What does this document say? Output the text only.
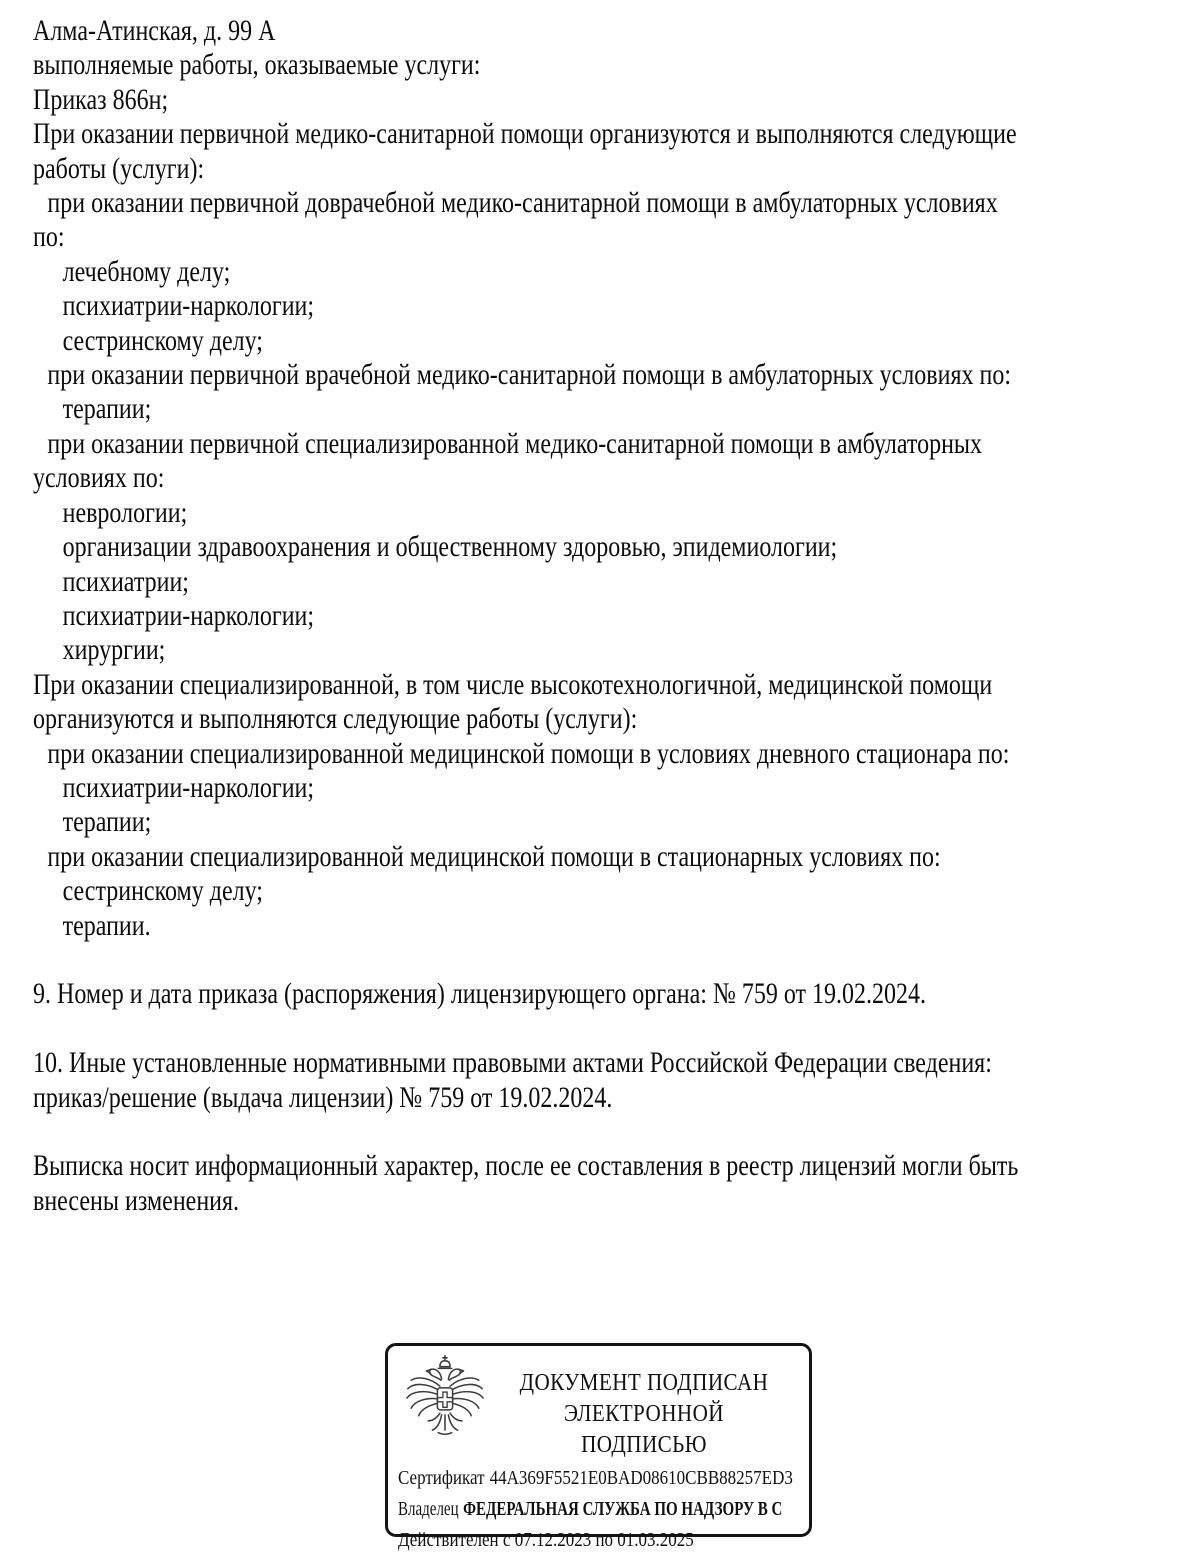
Алма-Атинская, д. 99 А
выполняемые работы, оказываемые услуги:
Приказ 866н;
При оказании первичной медико-санитарной помощи организуются и выполняются следующие
работы (услуги):
при оказании первичной доврачебной медико-санитарной помощи в амбулаторных условиях
по:
лечебному делу;
психиатрии-наркологии;
сестринскому делу;
при оказании первичной врачебной медико-санитарной помощи в амбулаторных условиях по:
терапии;
при оказании первичной специализированной медико-санитарной помощи в амбулаторных
условиях по:
неврологии;
организации здравоохранения и общественному здоровью, эпидемиологии;
психиатрии;
психиатрии-наркологии;
хирургии;
При оказании специализированной, в том числе высокотехнологичной, медицинской помощи
организуются и выполняются следующие работы (услуги):
при оказании специализированной медицинской помощи в условиях дневного стационара по:
психиатрии-наркологии;
терапии;
при оказании специализированной медицинской помощи в стационарных условиях по:
сестринскому делу;
терапии.

9. Номер и дата приказа (распоряжения) лицензирующего органа: № 759 от 19.02.2024.

10. Иные установленные нормативными правовыми актами Российской Федерации сведения:
приказ/решение (выдача лицензии) № 759 от 19.02.2024.

Выписка носит информационный характер, после ее составления в реестр лицензий могли быть
внесены изменения.
ДОКУМЕНТ ПОДПИСАН
ЭЛЕКТРОННОЙ ПОДПИСЬЮ
Сертификат 44A369F5521E0BAD08610CBB88257ED3
Владелец ФЕДЕРАЛЬНАЯ СЛУЖБА ПО НАДЗОРУ В С
Действителен с 07.12.2023 по 01.03.2025
